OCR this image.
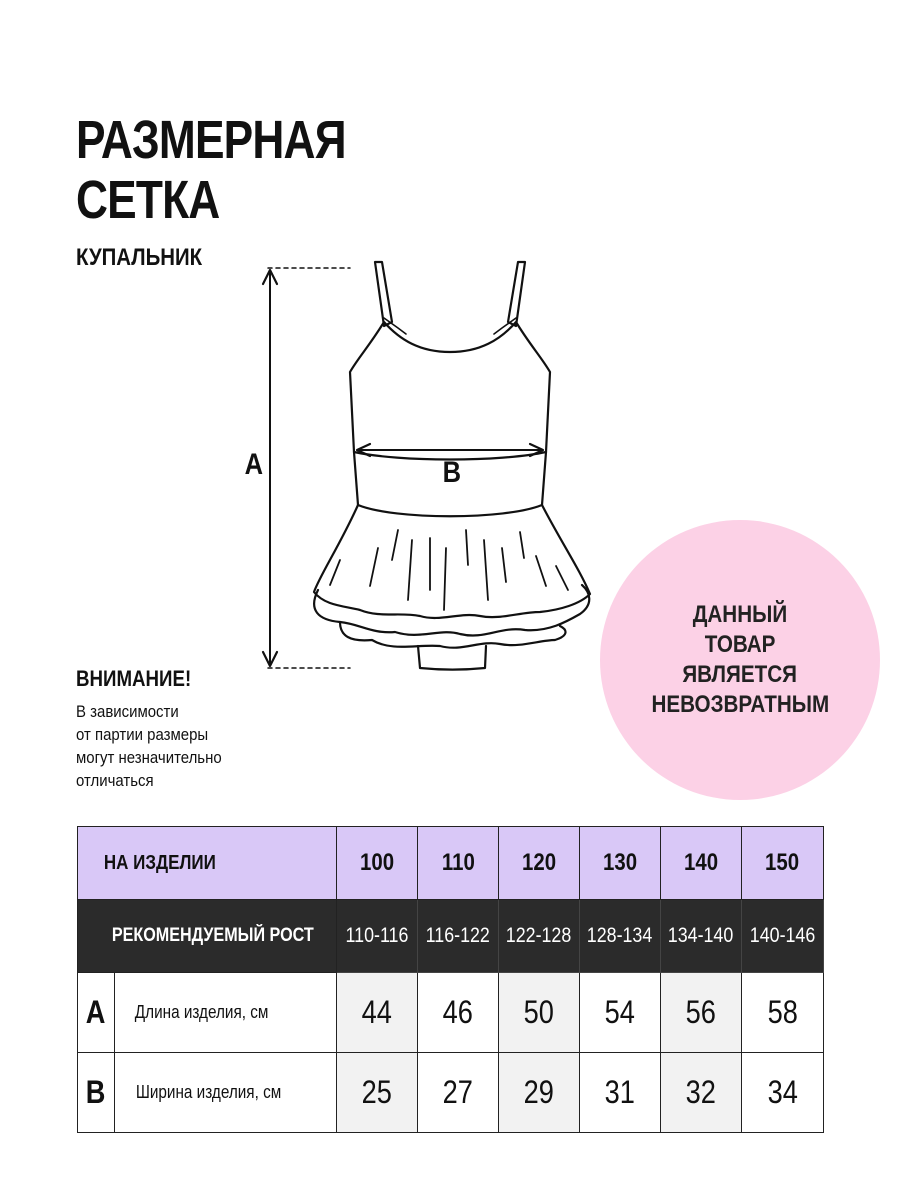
РАЗМЕРНАЯ
СЕТКА
КУПАЛЬНИК
A	B
ВНИМАНИЕ!
В зависимости
от партии размеры
могут незначительно
отличаться
ДАННЫЙ
ТОВАР
ЯВЛЯЕТСЯ
НЕВОЗВРАТНЫМ
НА ИЗДЕЛИИ		100	110	120	130	140	150
РЕКОМЕНДУЕМЫЙ РОСТ		110-116	116-122	122-128	128-134	134-140	140-146
A	Длина изделия, см	44	46	50	54	56	58
B	Ширина изделия, см	25	27	29	31	32	34
